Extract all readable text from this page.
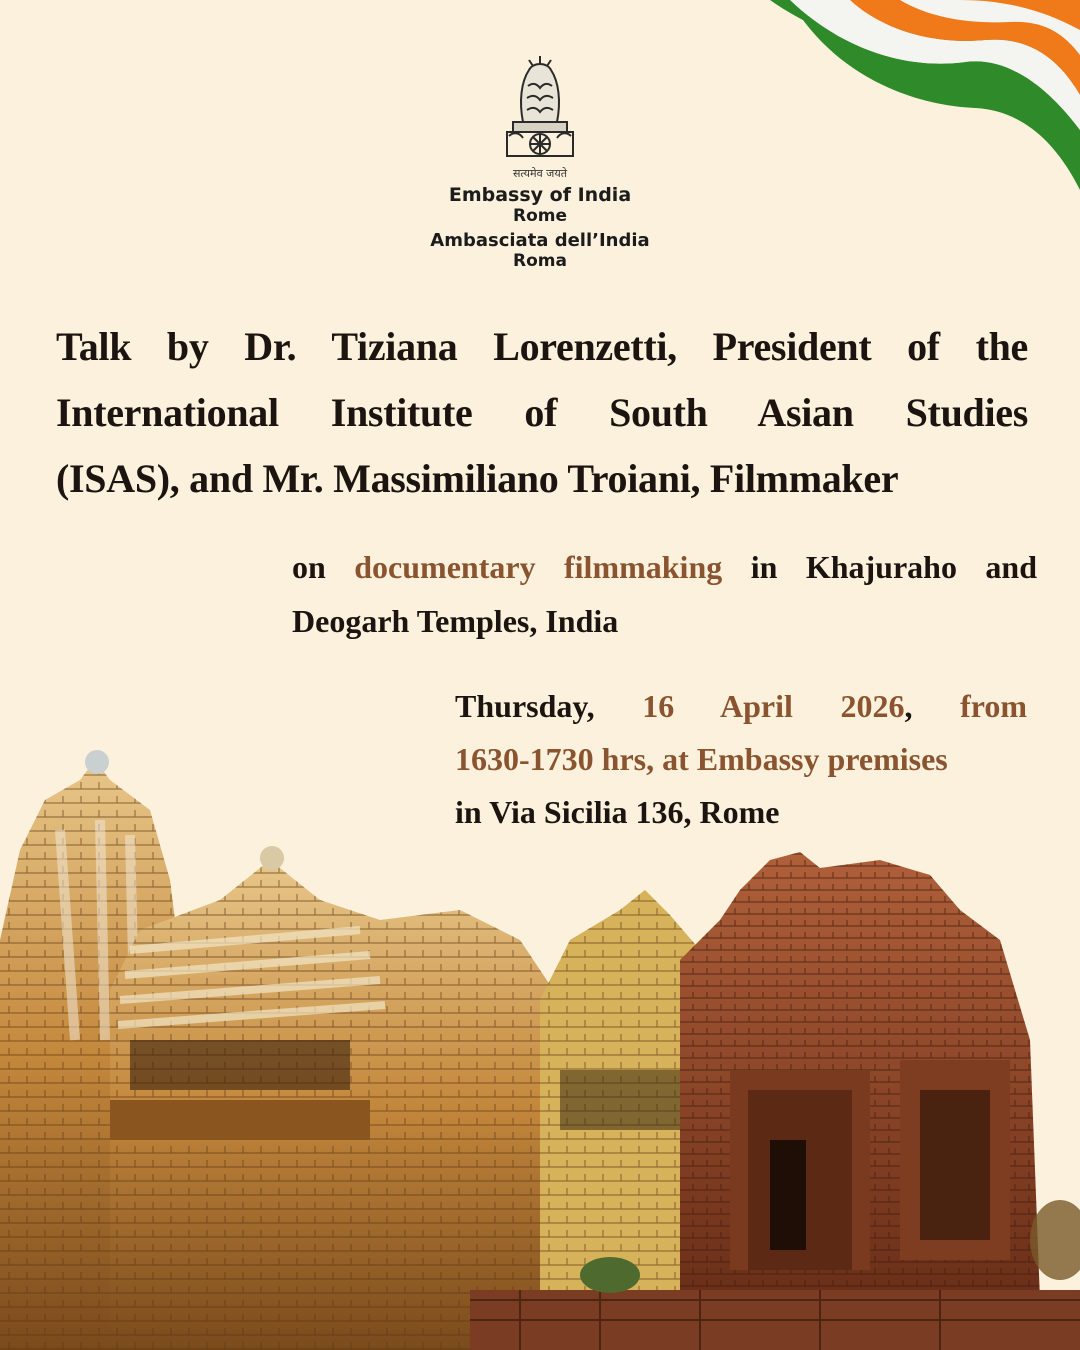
सत्यमेव जयते
Embassy of India
Rome
Ambasciata dell’India
Roma
Talk by Dr. Tiziana Lorenzetti, President of the
International Institute of South Asian Studies
(ISAS), and Mr. Massimiliano Troiani, Filmmaker
on documentary filmmaking in Khajuraho and
Deogarh Temples, India
Thursday, 16 April 2026, from
1630-1730 hrs, at Embassy premises
in Via Sicilia 136, Rome
